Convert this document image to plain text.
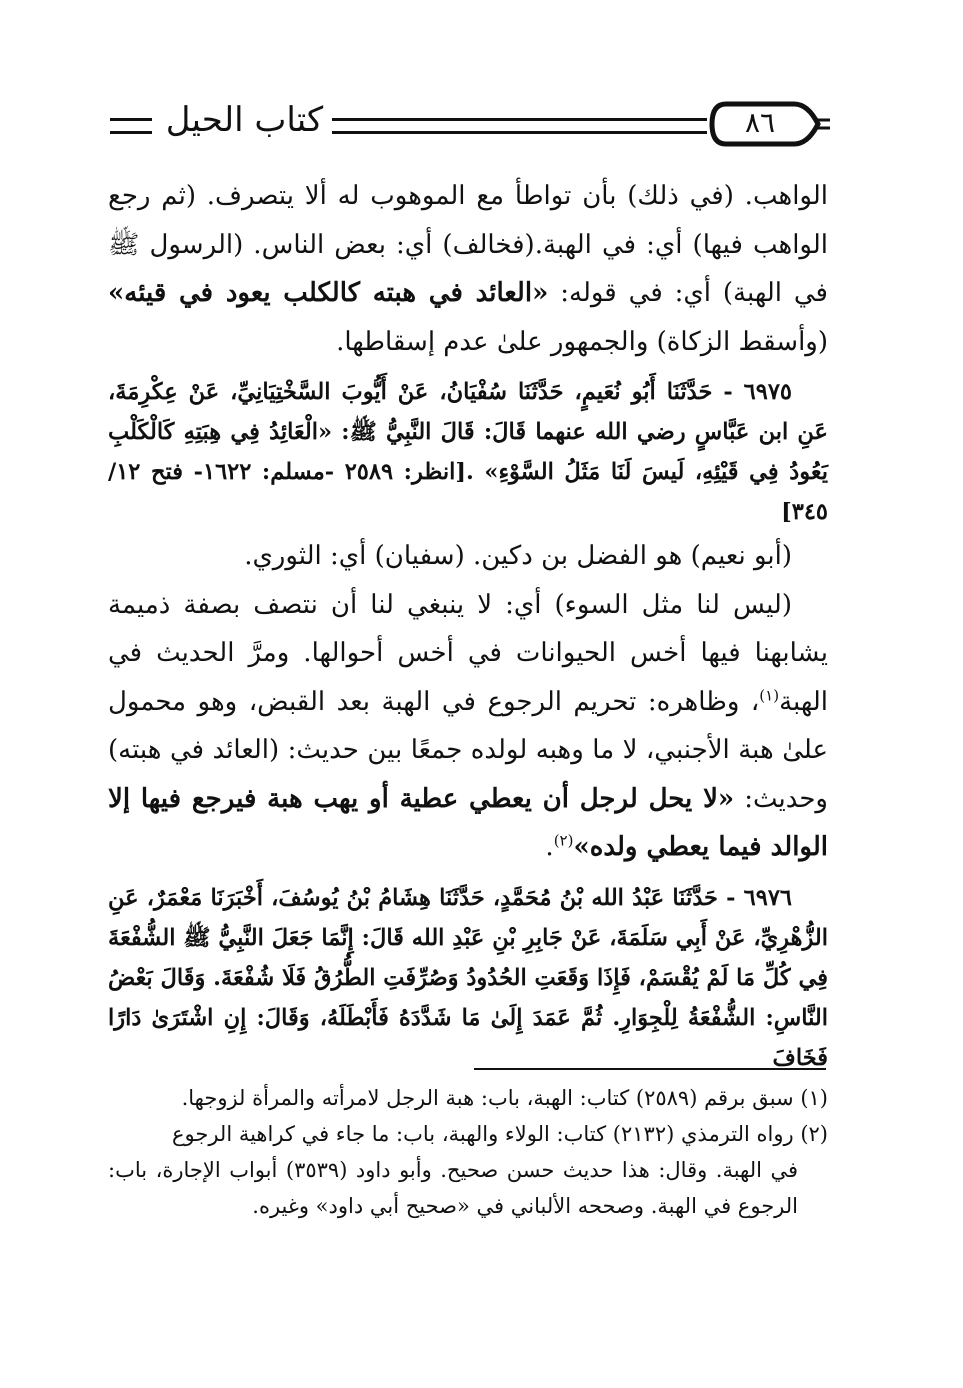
كتاب الحيل	٨٦

الواهب. (في ذلك) بأن تواطأ مع الموهوب له ألا يتصرف. (ثم رجع الواهب فيها) أي: في الهبة.(فخالف) أي: بعض الناس. (الرسول ﷺ في الهبة) أي: في قوله: «العائد في هبته كالكلب يعود في قيئه» (وأسقط الزكاة) والجمهور علىٰ عدم إسقاطها.

٦٩٧٥ - حَدَّثَنَا أَبُو نُعَيمٍ، حَدَّثَنَا سُفْيَانُ، عَنْ أَيُّوبَ السَّخْتِيَانِيِّ، عَنْ عِكْرِمَةَ، عَنِ ابن عَبَّاسٍ رضي الله عنهما قَالَ: قَالَ النَّبِيُّ ﷺ: «الْعَائِدُ فِي هِبَتِهِ كَالْكَلْبِ يَعُودُ فِي قَيْئِهِ، لَيسَ لَنَا مَثَلُ السَّوْءِ» .[انظر: ٢٥٨٩ -مسلم: ١٦٢٢- فتح ١٢/ ٣٤٥]

(أبو نعيم) هو الفضل بن دكين. (سفيان) أي: الثوري.

(ليس لنا مثل السوء) أي: لا ينبغي لنا أن نتصف بصفة ذميمة يشابهنا فيها أخس الحيوانات في أخس أحوالها. ومرَّ الحديث في الهبة$^{(١)}$، وظاهره: تحريم الرجوع في الهبة بعد القبض، وهو محمول علىٰ هبة الأجنبي، لا ما وهبه لولده جمعًا بين حديث: (العائد في هبته) وحديث: «لا يحل لرجل أن يعطي عطية أو يهب هبة فيرجع فيها إلا الوالد فيما يعطي ولده»$^{(٢)}$.

٦٩٧٦ - حَدَّثَنَا عَبْدُ الله بْنُ مُحَمَّدٍ، حَدَّثَنَا هِشَامُ بْنُ يُوسُفَ، أَخْبَرَنَا مَعْمَرٌ، عَنِ الزُّهْرِيِّ، عَنْ أَبِي سَلَمَةَ، عَنْ جَابِرِ بْنِ عَبْدِ الله قَالَ: إِنَّمَا جَعَلَ النَّبِيُّ ﷺ الشُّفْعَةَ فِي كُلِّ مَا لَمْ يُقْسَمْ، فَإِذَا وَقَعَتِ الحُدُودُ وَصُرِّفَتِ الطُّرُقُ فَلَا شُفْعَةَ. وَقَالَ بَعْضُ النَّاسِ: الشُّفْعَةُ لِلْجِوَارِ. ثُمَّ عَمَدَ إِلَىٰ مَا شَدَّدَهُ فَأَبْطَلَهُ، وَقَالَ: إِنِ اشْتَرَىٰ دَارًا فَخَافَ

(١) سبق برقم (٢٥٨٩) كتاب: الهبة، باب: هبة الرجل لامرأته والمرأة لزوجها.

(٢) رواه الترمذي (٢١٣٢) كتاب: الولاء والهبة، باب: ما جاء في كراهية الرجوع

في الهبة. وقال: هذا حديث حسن صحيح. وأبو داود (٣٥٣٩) أبواب الإجارة، باب: الرجوع في الهبة. وصححه الألباني في «صحيح أبي داود» وغيره.
